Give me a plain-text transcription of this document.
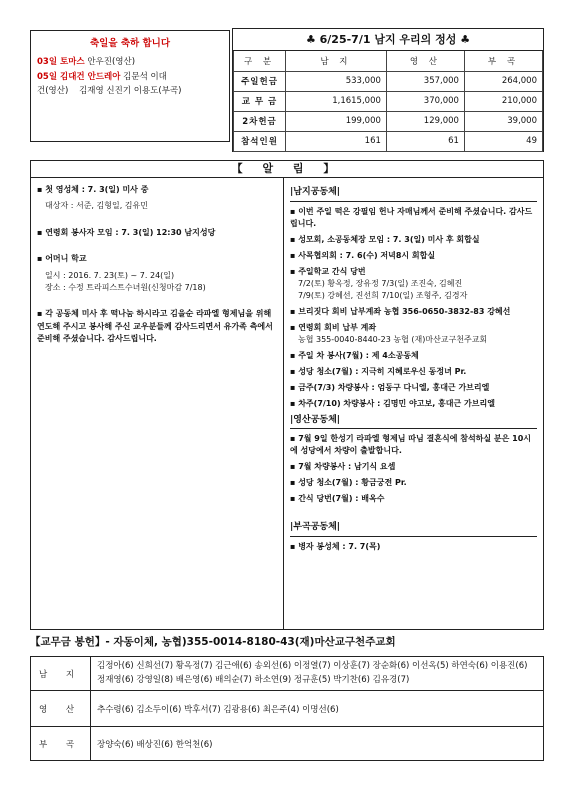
축일을 축하 합니다
03일 토마스 안우진(영산)
05일 김대건 안드레아 김문석 이대
건(영산)    김재영 신진기 이용도(부곡)
♣ 6/25-7/1 남지 우리의 정성 ♣
구 분	남 지	영 산	부 곡
주일헌금	533,000	357,000	264,000
교 무 금	1,1615,000	370,000	210,000
2차헌금	199,000	129,000	39,000
참석인원	161	61	49
【 알 림 】
▪ 첫 영성체 : 7. 3(일) 미사 중
대상자 : 서준, 김형일, 김유민
▪ 연령회 봉사자 모임 : 7. 3(일) 12:30 남지성당
▪ 어머니 학교
일시 : 2016. 7. 23(토) ~ 7. 24(일)
장소 : 수정 트라피스트수녀원(신청마감 7/18)
▪ 각 공동체 미사 후 떡나눔 하시라고 김을순 라파엘 형제님을 위해 연도해 주시고 봉사해 주신 교우분들께 감사드리면서 유가족 측에서 준비해 주셨습니다. 감사드립니다.
|남지공동체|
▪ 이번 주일 떡은 강필임 헌나 자매님께서 준비해 주셨습니다. 감사드립니다.
▪ 성모회, 소공동체장 모임 : 7. 3(일) 미사 후 회합실
▪ 사목협의회 : 7. 6(수) 저녁8시 회합실
▪ 주일학교 간식 당번
7/2(토) 황옥정, 장유정 7/3(일) 조진숙, 김혜진
7/9(토) 강혜선, 진선희 7/10(일) 조형주, 김경자
▪ 브리짓다 회비 납부계좌 농협 356-0650-3832-83 강혜선
▪ 연령회 회비 납부 계좌
농협 355-0040-8440-23 농협 (재)마산교구천주교회
▪ 주일 차 봉사(7월) : 제 4소공동체
▪ 성당 청소(7월) : 지극히 지혜로우신 동정녀 Pr.
▪ 금주(7/3) 차량봉사 : 엄동구 다니엘, 홍대근 가브리엘
▪ 차주(7/10) 차량봉사 : 김명민 야고보, 홍대근 가브리엘
|영산공동체|
▪ 7월 9일 한성기 라파엘 형제님 따님 결혼식에 참석하실 분은 10시에 성당에서 차량이 출발합니다.
▪ 7월 차량봉사 : 남기식 요셉
▪ 성당 청소(7월) : 황금궁전 Pr.
▪ 간식 당번(7월) : 배옥수
|부곡공동체|
▪ 병자 봉성체 : 7. 7(목)
【교무금 봉헌】- 자동이체, 농협)355-0014-8180-43(재)마산교구천주교회
남 지	김정아(6) 신희선(7) 황옥정(7) 김근애(6) 송외선(6) 이정열(7) 이상훈(7) 장순화(6) 이선옥(5) 하연숙(6) 이용진(6) 정재영(6) 강영일(8) 배은영(6) 배의순(7) 하소연(9) 정규훈(5) 박기찬(6) 김유경(7)
영 산	추수령(6) 김소두이(6) 박후서(7) 김광용(6) 최은주(4) 이명선(6)
부 곡	장양숙(6) 배상진(6) 한억천(6)
